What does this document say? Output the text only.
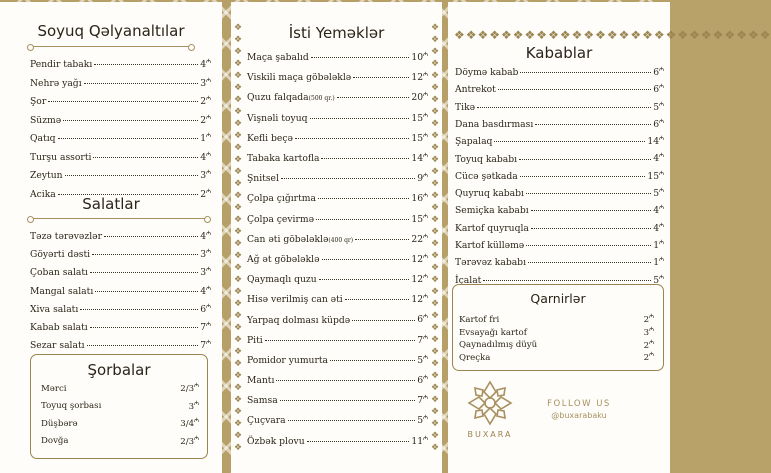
Soyuq Qəlyanaltılar
Pendir tabakı	4₼
Nehrə yağı	3₼
Şor	2₼
Süzmə	2₼
Qatıq	1₼
Turşu assorti	4₼
Zeytun	3₼
Acika	2₼
Salatlar
Təzə tərəvəzlər	4₼
Göyərti dəsti	3₼
Çoban salatı	3₼
Mangal salatı	4₼
Xiva salatı	6₼
Kabab salatı	7₼
Sezar salatı	7₼
Şorbalar
Mərci	2/3₼
Toyuq şorbası	3₼
Düşbərə	3/4₼
Dovğa	2/3₼
❖❖❖❖❖❖❖❖❖❖❖❖❖❖❖❖❖❖❖❖❖❖❖❖❖❖❖❖❖❖❖❖❖❖❖❖
❖❖❖❖❖❖❖❖❖❖❖❖❖❖❖❖❖❖❖❖❖❖❖❖❖❖❖❖❖❖❖❖❖❖❖❖
İsti Yeməklər
Maça şabalıd	10₼
Viskili maça göbələklə	12₼
Quzu falqada (500 qr.)	20₼
Vişnəli toyuq	15₼
Kefli beçə	15₼
Tabaka kartofla	14₼
Şnitsel	9₼
Çolpa çığırtma	16₼
Çolpa çevirmə	15₼
Can əti göbələklə (400 qr)	22₼
Ağ ət göbələklə	12₼
Qaymaqlı quzu	12₼
Hisə verilmiş can əti	12₼
Yarpaq dolması küpdə	6₼
Piti	7₼
Pomidor yumurta	5₼
Mantı	6₼
Samsa	7₼
Çuçvara	5₼
Özbək plovu	11₼
❖❖❖❖❖❖❖❖❖❖❖❖❖❖❖❖❖❖❖❖❖❖❖❖❖❖❖
Kabablar
Döymə kabab	6₼
Antrekot	6₼
Tikə	5₼
Dana basdırması	6₼
Şapalaq	14₼
Toyuq kababı	4₼
Cücə şətkada	15₼
Quyruq kababı	5₼
Semiçka kababı	4₼
Kartof quyruqla	4₼
Kartof külləmə	1₼
Tərəvəz kababı	1₼
İçalat	5₼
Qarnirlər
Kartof fri	2₼
Evsayağı kartof	3₼
Qaynadılmış düyü	2₼
Qreçka	2₼
BUXARA
FOLLOW US
@buxarabaku
